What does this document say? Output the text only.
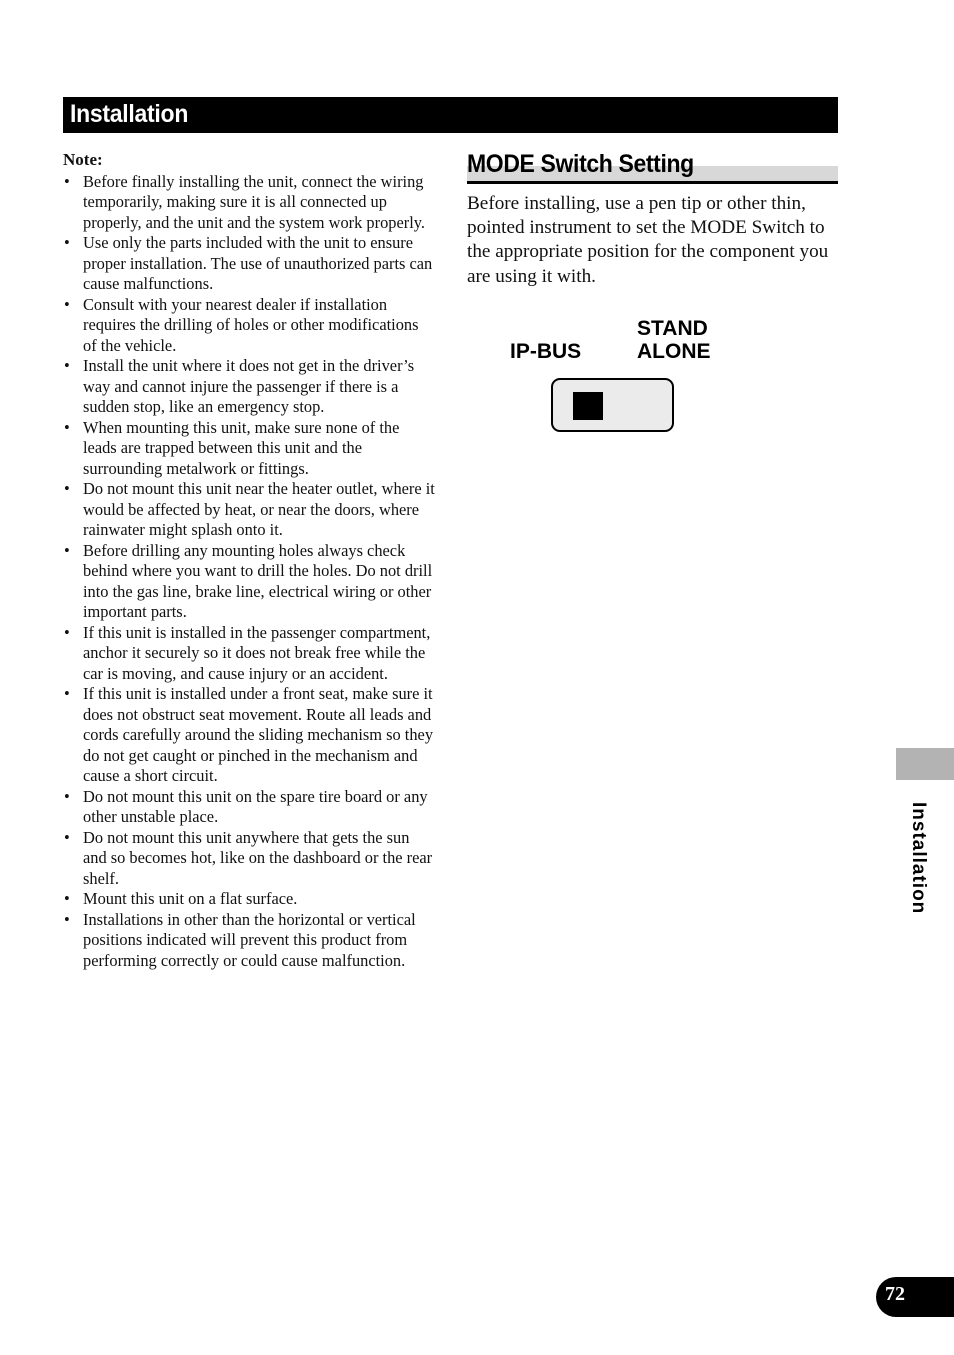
Installation
Note:
• Before finally installing the unit, connect the wiring temporarily, making sure it is all connected up properly, and the unit and the system work properly.
• Use only the parts included with the unit to ensure proper installation. The use of unauthorized parts can cause malfunctions.
• Consult with your nearest dealer if installation requires the drilling of holes or other modifications of the vehicle.
• Install the unit where it does not get in the driver’s way and cannot injure the passenger if there is a sudden stop, like an emergency stop.
• When mounting this unit, make sure none of the leads are trapped between this unit and the surrounding metalwork or fittings.
• Do not mount this unit near the heater outlet, where it would be affected by heat, or near the doors, where rainwater might splash onto it.
• Before drilling any mounting holes always check behind where you want to drill the holes. Do not drill into the gas line, brake line, electrical wiring or other important parts.
• If this unit is installed in the passenger compartment, anchor it securely so it does not break free while the car is moving, and cause injury or an accident.
• If this unit is installed under a front seat, make sure it does not obstruct seat movement. Route all leads and cords carefully around the sliding mechanism so they do not get caught or pinched in the mechanism and cause a short circuit.
• Do not mount this unit on the spare tire board or any other unstable place.
• Do not mount this unit anywhere that gets the sun and so becomes hot, like on the dashboard or the rear shelf.
• Mount this unit on a flat surface.
• Installations in other than the horizontal or vertical positions indicated will prevent this product from performing correctly or could cause malfunction.
MODE Switch Setting
Before installing, use a pen tip or other thin, pointed instrument to set the MODE Switch to the appropriate position for the component you are using it with.
IP-BUS
STAND
ALONE
Installation
72
